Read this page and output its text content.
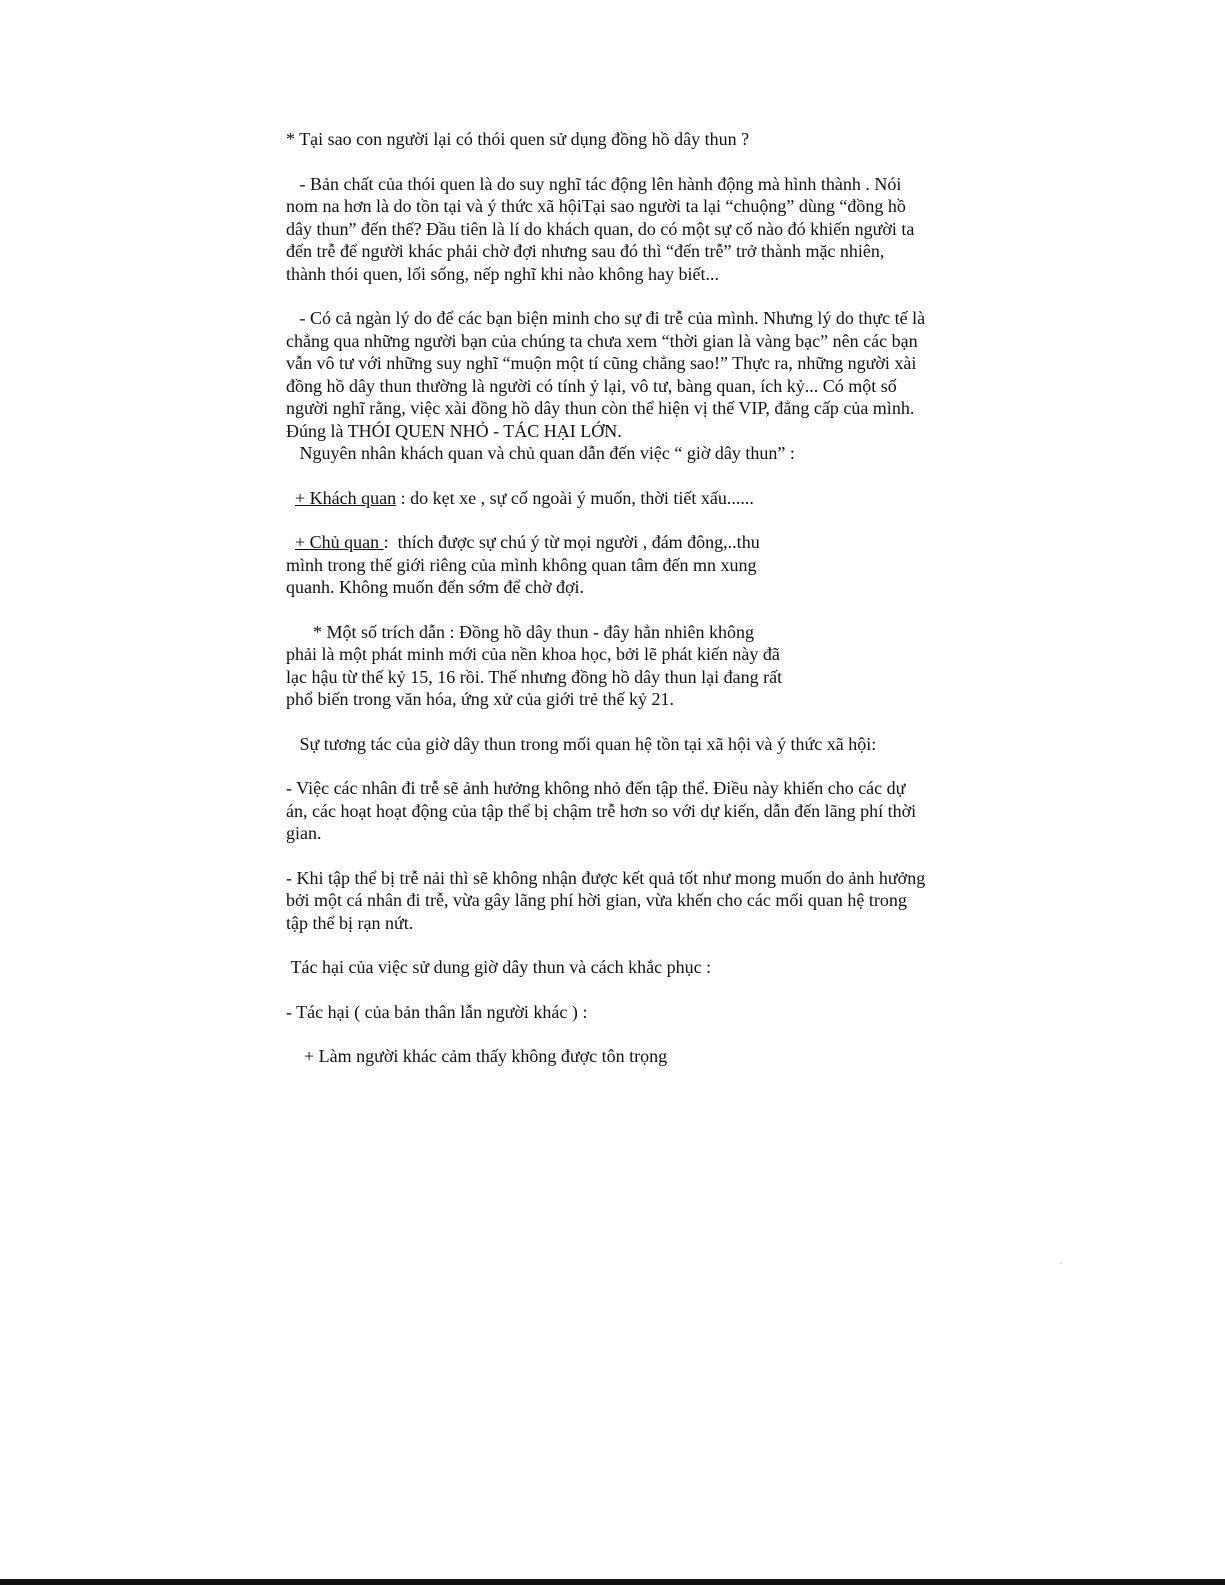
* Tại sao con người lại có thói quen sử dụng đồng hồ dây thun ?

- Bản chất của thói quen là do suy nghĩ tác động lên hành động mà hình thành . Nói nom na hơn là do tồn tại và ý thức xã hộiTại sao người ta lại “chuộng” dùng “đồng hồ dây thun” đến thế? Đầu tiên là lí do khách quan, do có một sự cố nào đó khiến người ta đến trễ để người khác phải chờ đợi nhưng sau đó thì “đến trễ” trở thành mặc nhiên, thành thói quen, lối sống, nếp nghĩ khi nào không hay biết...

- Có cả ngàn lý do để các bạn biện minh cho sự đi trễ của mình. Nhưng lý do thực tế là chẳng qua những người bạn của chúng ta chưa xem “thời gian là vàng bạc” nên các bạn vẫn vô tư với những suy nghĩ “muộn một tí cũng chẳng sao!” Thực ra, những người xài đồng hồ dây thun thường là người có tính ỷ lại, vô tư, bàng quan, ích kỷ... Có một số người nghĩ rằng, việc xài đồng hồ dây thun còn thể hiện vị thế VIP, đẳng cấp của mình. Đúng là THÓI QUEN NHỎ - TÁC HẠI LỚN.

Nguyên nhân khách quan và chủ quan dẫn đến việc “ giờ dây thun” :

+ Khách quan : do kẹt xe , sự cố ngoài ý muốn, thời tiết xấu......

+ Chủ quan :  thích được sự chú ý từ mọi người , đám đông,..thu mình trong thế giới riêng của mình không quan tâm đến mn xung quanh. Không muốn đến sớm để chờ đợi.

* Một số trích dẫn : Đồng hồ dây thun - đây hẳn nhiên không phải là một phát minh mới của nền khoa học, bởi lẽ phát kiến này đã lạc hậu từ thế kỷ 15, 16 rồi. Thế nhưng đồng hồ dây thun lại đang rất phổ biến trong văn hóa, ứng xử của giới trẻ thế kỷ 21.

Sự tương tác của giờ dây thun trong mối quan hệ tồn tại xã hội và ý thức xã hội:

- Việc các nhân đi trễ sẽ ảnh hưởng không nhỏ đến tập thể. Điều này khiến cho các dự án, các hoạt hoạt động của tập thể bị chậm trễ hơn so với dự kiến, dẫn đến lãng phí thời gian.

- Khi tập thể bị trễ nải thì sẽ không nhận được kết quả tốt như mong muốn do ảnh hưởng bởi một cá nhân đi trễ, vừa gây lãng phí hời gian, vừa khến cho các mối quan hệ trong tập thể bị rạn nứt.

Tác hại của việc sử dung giờ dây thun và cách khắc phục :

- Tác hại ( của bản thân lẫn người khác ) :

+ Làm người khác cảm thấy không được tôn trọng
